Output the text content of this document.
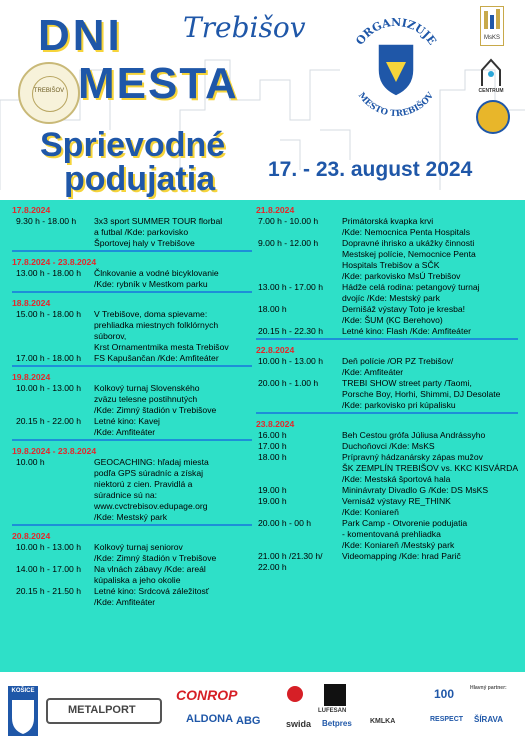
TREBIŠOV
DNI Trebišov
MESTA
ORGANIZUJE
MESTO TREBIŠOV
MsKS
CENTRUM
Sprievodné
podujatia	17. - 23. august 2024
17.8.2024
9.30 h - 18.00 h 3x3 sport SUMMER TOUR florbal
a futbal /Kde: parkovisko
Športovej haly v Trebišove
17.8.2024 - 23.8.2024
13.00 h - 18.00 h Člnkovanie a vodné bicyklovanie
/Kde: rybník v Mestkom parku
18.8.2024
15.00 h - 18.00 h V Trebišove, doma spievame:
prehliadka miestnych folklórnych
súborov,
Krst Ornamentmika mesta Trebišov
17.00 h - 18.00 h FS Kapušančan /Kde: Amfiteáter
19.8.2024
10.00 h - 13.00 h Kolkový turnaj Slovenského
zväzu telesne postihnutých
/Kde: Zimný štadión v Trebišove
20.15 h - 22.00 h Letné kino: Kavej
/Kde: Amfiteáter
19.8.2024 - 23.8.2024
10.00 h	GEOCACHING: hľadaj miesta
podľa GPS súradníc a získaj
niektorú z cien. Pravidlá a
súradnice sú na:
www.cvctrebisov.edupage.org
/Kde: Mestský park
20.8.2024
10.00 h - 13.00 h Kolkový turnaj seniorov
/Kde: Zimný štadión v Trebišove
14.00 h - 17.00 h Na vlnách zábavy /Kde: areál
kúpaliska a jeho okolie
20.15 h - 21.50 h Letné kino: Srdcová záležitosť
/Kde: Amfiteáter
21.8.2024
7.00 h - 10.00 h	Primátorská kvapka krvi
/Kde: Nemocnica Penta Hospitals
9.00 h - 12.00 h	Dopravné ihrisko a ukážky činnosti
Mestskej polície, Nemocnice Penta
Hospitals Trebišov a SČK
/Kde: parkovisko MsÚ Trebišov
13.00 h - 17.00 h Hádže celá rodina: petangový turnaj
dvojíc /Kde: Mestský park
18.00 h	Dernišáž výstavy Toto je kresba!
/Kde: ŠUM (KC Berehovo)
20.15 h - 22.30 h Letné kino: Flash /Kde: Amfiteáter
22.8.2024
10.00 h - 13.00 h Deň polície /OR PZ Trebišov/
/Kde: Amfiteáter
20.00 h - 1.00 h	TREBI SHOW street party /Taomi,
Porsche Boy, Horhi, Shimmi, DJ Desolate
/Kde: parkovisko pri kúpalisku
23.8.2024
16.00 h	Beh Cestou grófa Júliusa Andrássyho
17.00 h	Duchoňovci /Kde: MsKS
18.00 h	Prípravný hádzanársky zápas mužov
ŠK ZEMPLÍN TREBIŠOV vs. KKC KISVÁRDA
/Kde: Mestská športová hala
19.00 h	Mininávraty Divadlo G /Kde: DS MsKS
19.00 h	Vernisáž výstavy RE_THINK
/Kde: Koniareň
20.00 h - 00 h	Park Camp - Otvorenie podujatia
- komentovaná prehliadka
/Kde: Koniareň /Mestský park
21.00 h /21.30 h/ Videomapping /Kde: hrad Parič
22.00 h
KOŠICE
METALPORT
CONROP
ALDONA ABG	swida
LUFESAN
Betpres	KMLKA
100
RESPECT
Hlavný partner:
ŠÍRAVA
